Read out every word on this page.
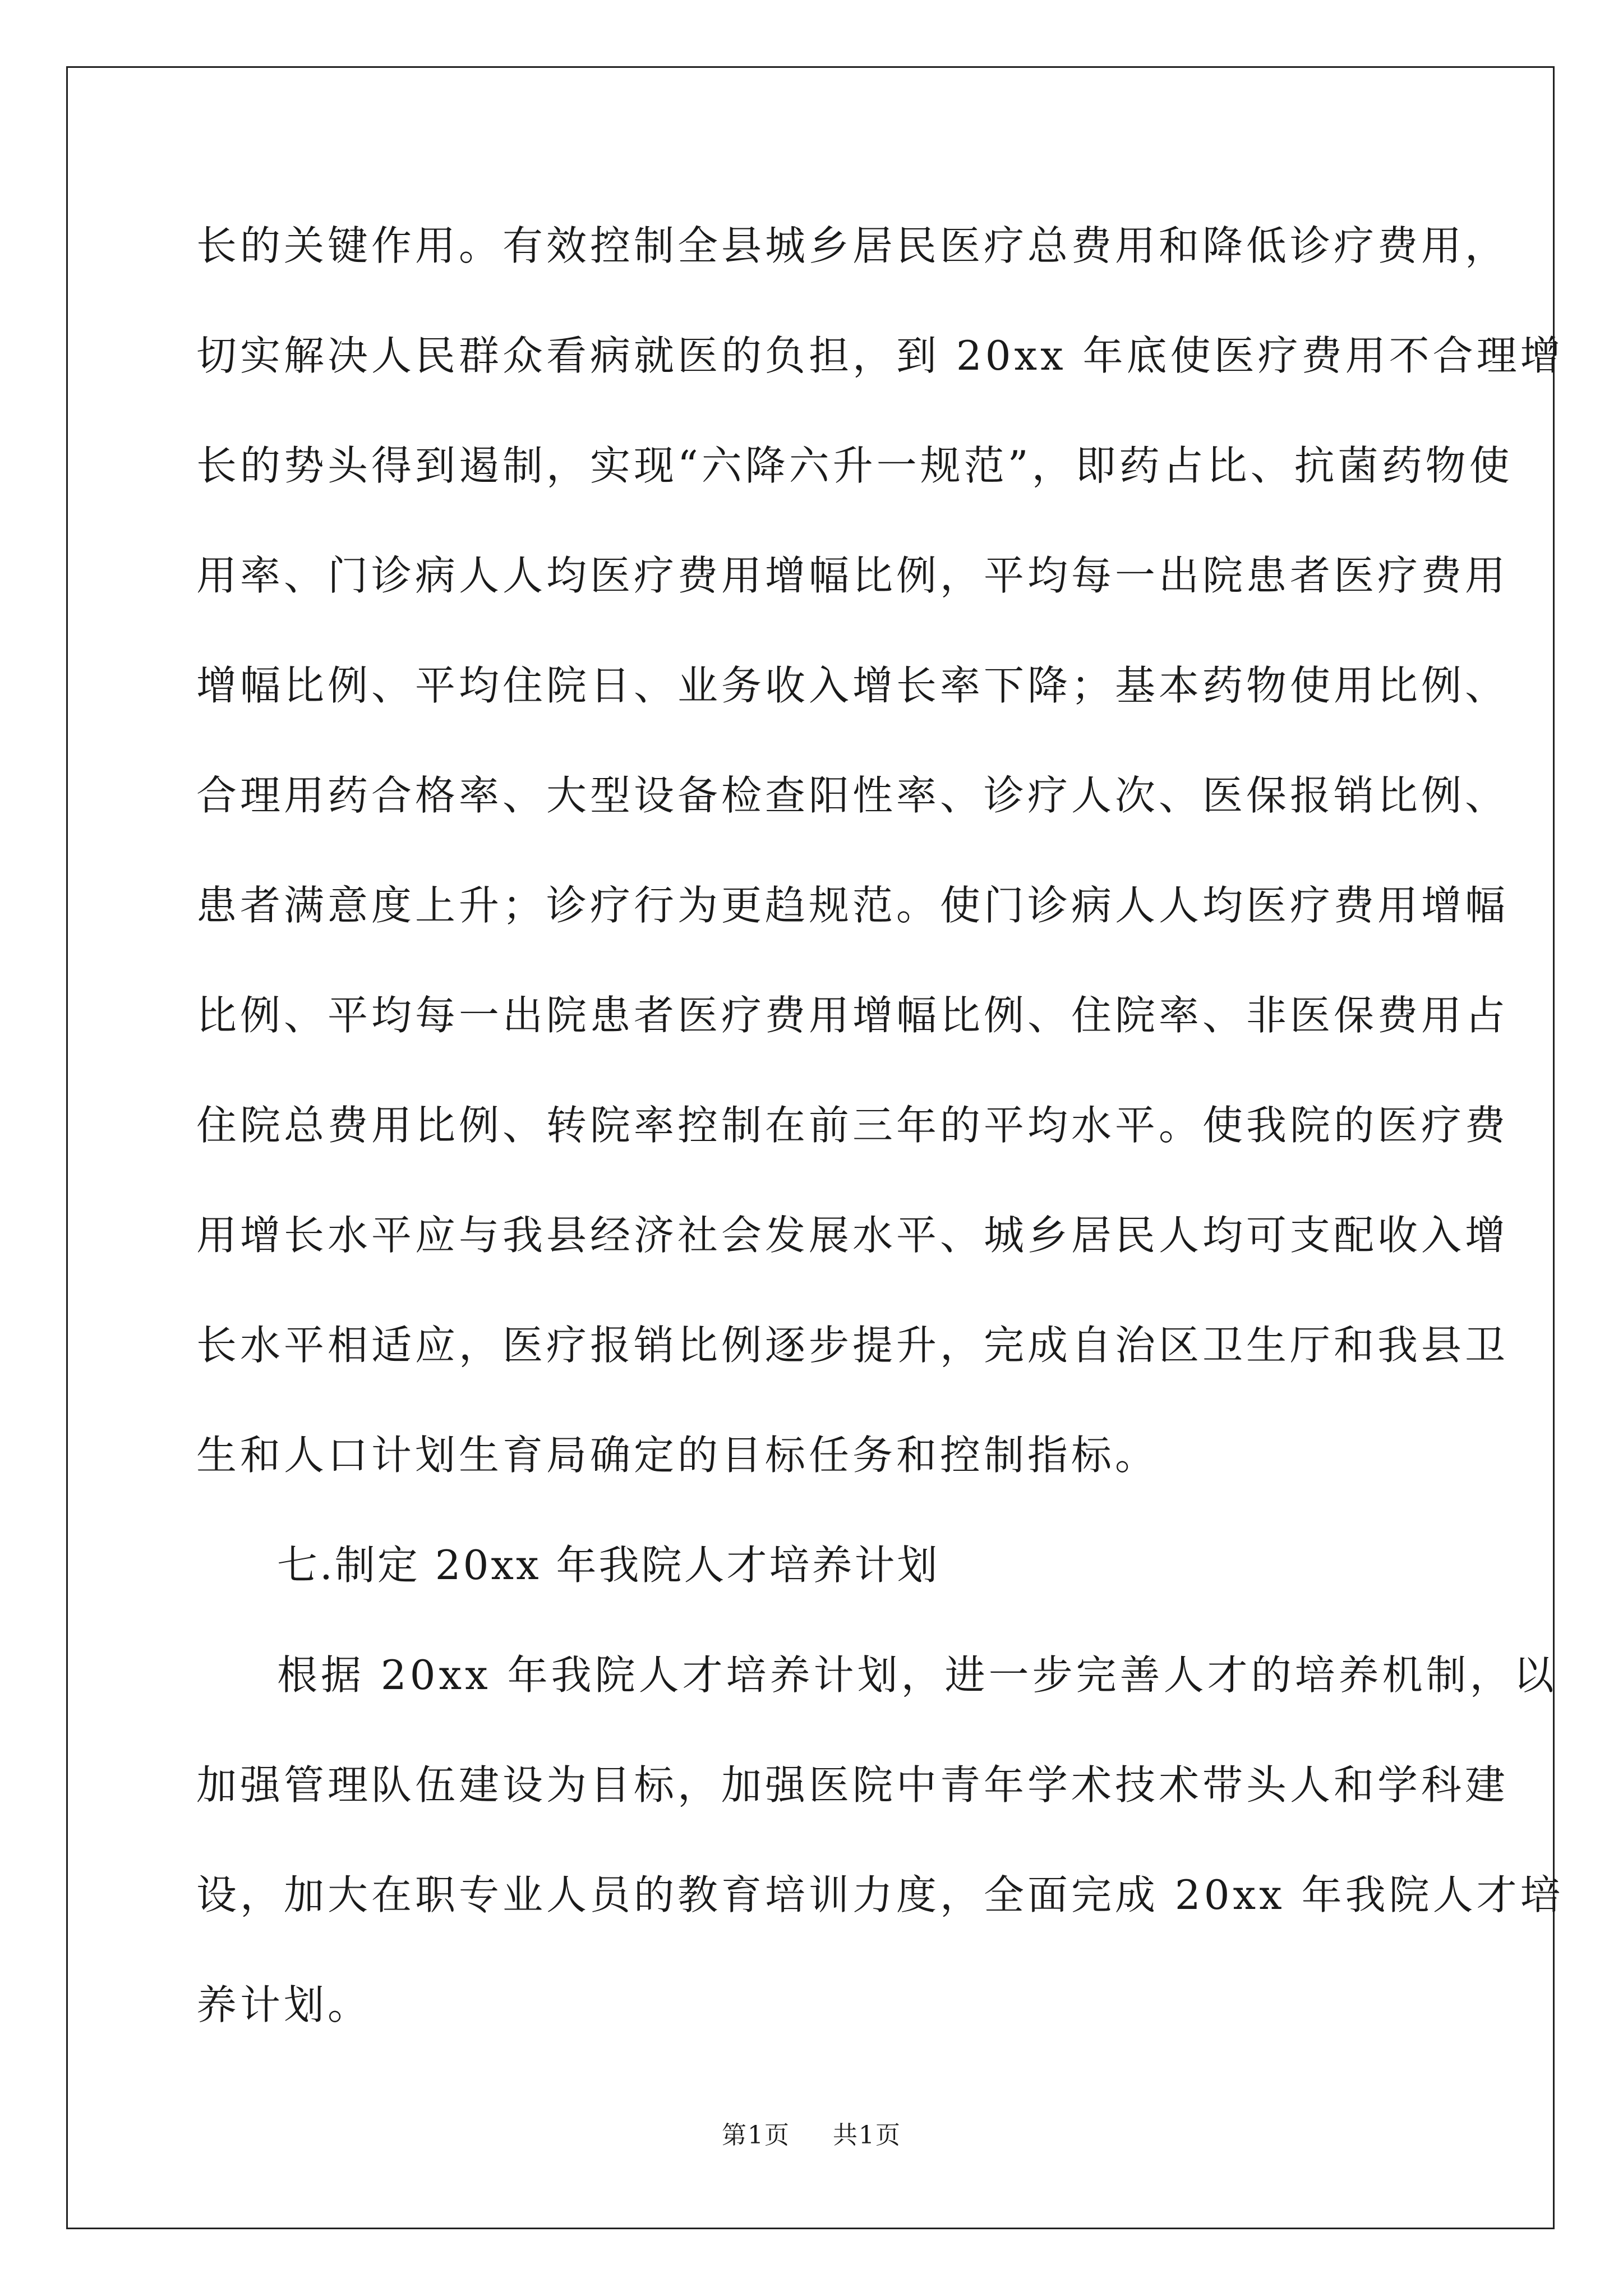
长的关键作用。有效控制全县城乡居民医疗总费用和降低诊疗费用，
切实解决人民群众看病就医的负担，到 20xx 年底使医疗费用不合理增
长的势头得到遏制，实现“六降六升一规范”，即药占比、抗菌药物使
用率、门诊病人人均医疗费用增幅比例，平均每一出院患者医疗费用
增幅比例、平均住院日、业务收入增长率下降；基本药物使用比例、
合理用药合格率、大型设备检查阳性率、诊疗人次、医保报销比例、
患者满意度上升；诊疗行为更趋规范。使门诊病人人均医疗费用增幅
比例、平均每一出院患者医疗费用增幅比例、住院率、非医保费用占
住院总费用比例、转院率控制在前三年的平均水平。使我院的医疗费
用增长水平应与我县经济社会发展水平、城乡居民人均可支配收入增
长水平相适应，医疗报销比例逐步提升，完成自治区卫生厅和我县卫
生和人口计划生育局确定的目标任务和控制指标。
七.制定 20xx 年我院人才培养计划
根据 20xx 年我院人才培养计划，进一步完善人才的培养机制，以
加强管理队伍建设为目标，加强医院中青年学术技术带头人和学科建
设，加大在职专业人员的教育培训力度，全面完成 20xx 年我院人才培
养计划。
第1页 共1页
